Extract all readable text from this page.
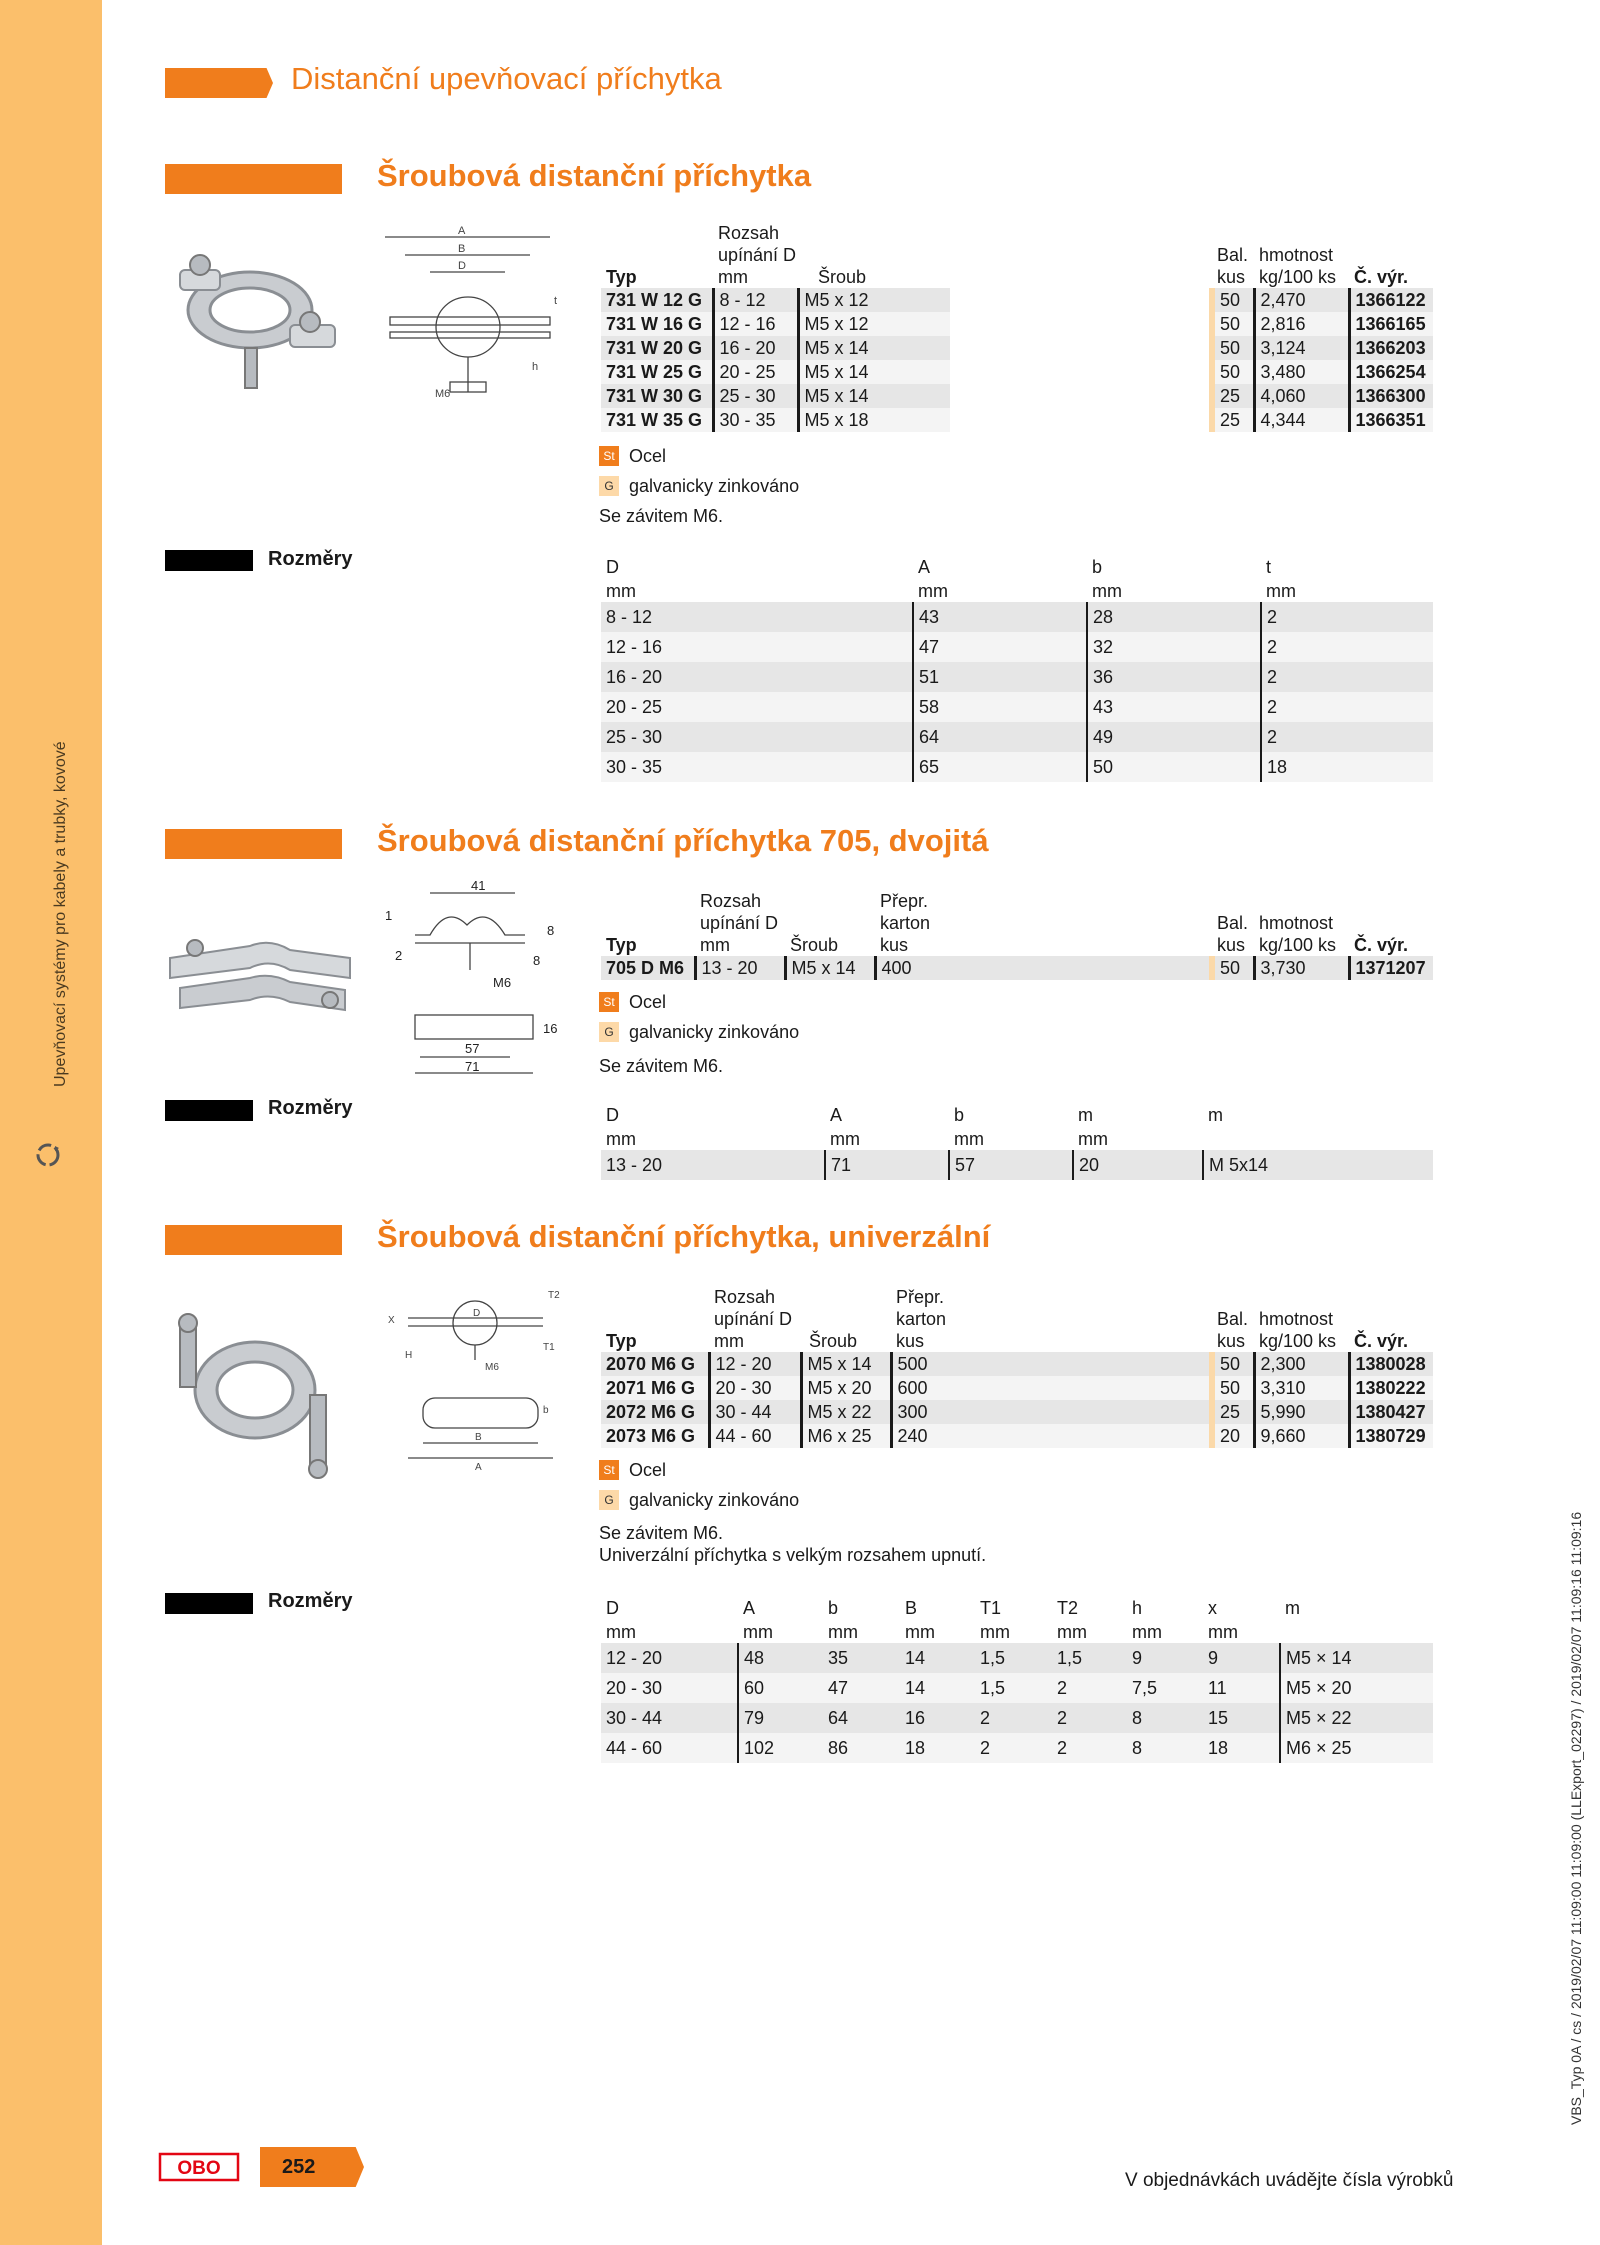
Upevňovací systémy pro kabely a trubky, kovové
Distanční upevňovací příchytka
Šroubová distanční příchytka
A
B
D
t
h
M6
Typ	Rozsah
upínání D
mm Šroub			Bal.
kus	hmotnost
kg/100 ks	Č. výr.
731 W 12 G	8 - 12	M5 x 12		50	2,470	1366122
731 W 16 G	12 - 16	M5 x 12		50	2,816	1366165
731 W 20 G	16 - 20	M5 x 14		50	3,124	1366203
731 W 25 G	20 - 25	M5 x 14		50	3,480	1366254
731 W 30 G	25 - 30	M5 x 14		25	4,060	1366300
731 W 35 G	30 - 35	M5 x 18		25	4,344	1366351
St Ocel
G galvanicky zinkováno
Se závitem M6.
Rozměry	D	A	b	t
mm	mm	mm	mm
8 - 12	43	28	2
12 - 16	47	32	2
16 - 20	51	36	2
20 - 25	58	43	2
25 - 30	64	49	2
30 - 35	65	50	18
Šroubová distanční příchytka 705, dvojitá
41
1
2
8
8
M6
16
57
71
Typ	Rozsah
upínání D
mm Šroub		Přepr.
karton
kus	Bal.
kus	hmotnost
kg/100 ks	Č. výr.
705 D M6	13 - 20	M5 x 14	400	50	3,730	1371207
St Ocel
G galvanicky zinkováno
Se závitem M6.
Rozměry	D	A	b	m	m
mm	mm	mm	mm	
13 - 20	71	57	20	M 5x14
Šroubová distanční příchytka, univerzální
X
T2
D
H
T1
M6
B
A
b
Typ	Rozsah
upínání D
mm Šroub		Přepr.
karton
kus	Bal.
kus	hmotnost
kg/100 ks	Č. výr.
2070 M6 G	12 - 20	M5 x 14	500	50	2,300	1380028
2071 M6 G	20 - 30	M5 x 20	600	50	3,310	1380222
2072 M6 G	30 - 44	M5 x 22	300	25	5,990	1380427
2073 M6 G	44 - 60	M6 x 25	240	20	9,660	1380729
St Ocel
G galvanicky zinkováno
Se závitem M6.
Univerzální příchytka s velkým rozsahem upnutí.
Rozměry	D	A	b	B	T1	T2	h	x	m
mm	mm	mm	mm	mm	mm	mm	mm	
12 - 20	48	35	14	1,5	1,5	9	9	M5 × 14
20 - 30	60	47	14	1,5	2	7,5	11	M5 × 20
30 - 44	79	64	16	2	2	8	15	M5 × 22
44 - 60	102	86	18	2	2	8	18	M6 × 25
OBO	252
V objednávkách uvádějte čísla výrobků
VBS_Typ 0A / cs / 2019/02/07 11:09:00 11:09:00 (LLExport_02297) / 2019/02/07 11:09:16 11:09:16
